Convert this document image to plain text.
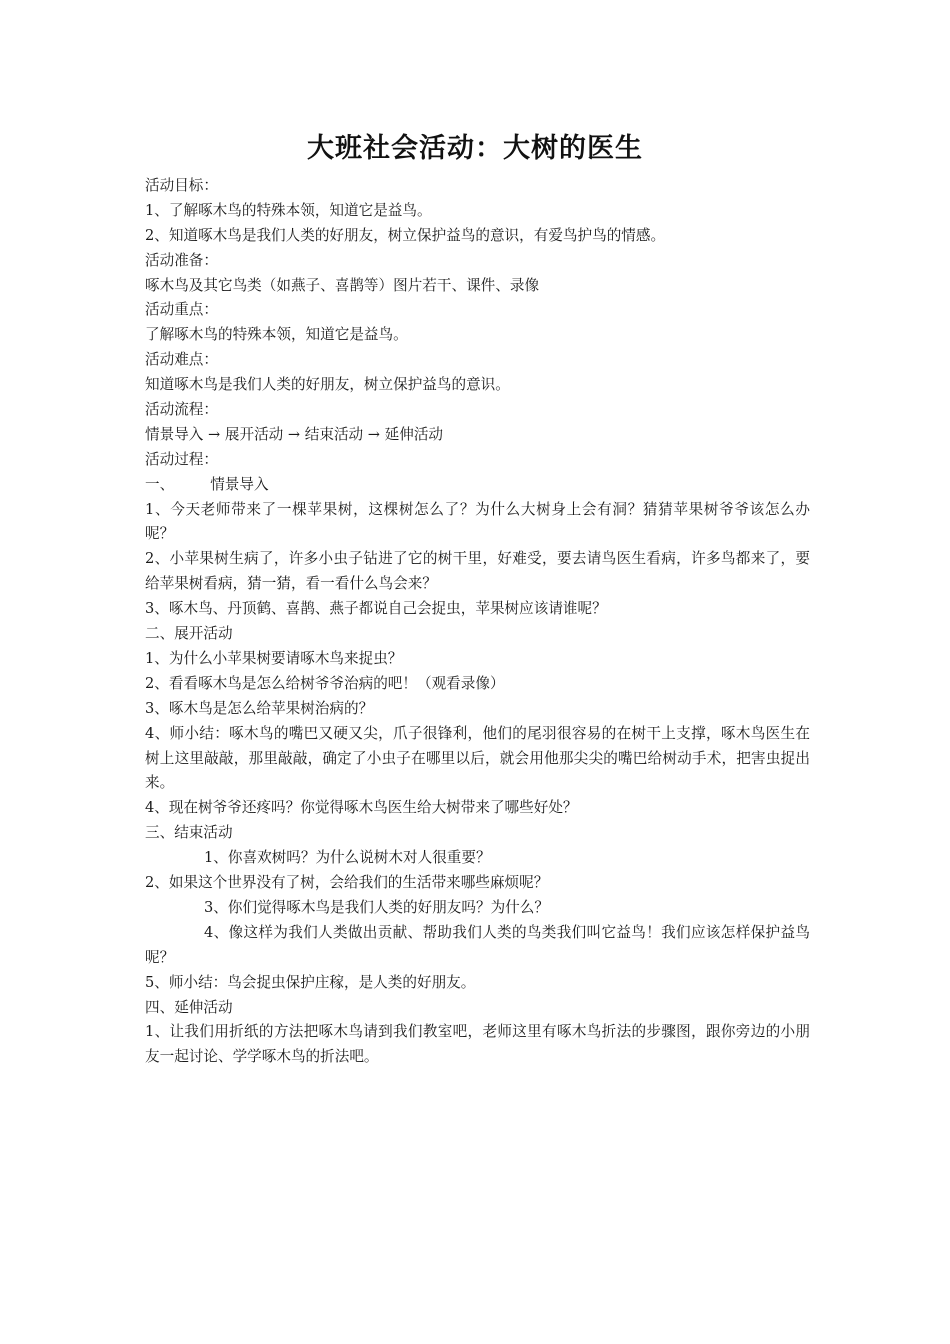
大班社会活动：大树的医生
活动目标：
1、了解啄木鸟的特殊本领，知道它是益鸟。
2、知道啄木鸟是我们人类的好朋友，树立保护益鸟的意识，有爱鸟护鸟的情感。
活动准备：
啄木鸟及其它鸟类（如燕子、喜鹊等）图片若干、课件、录像
活动重点：
了解啄木鸟的特殊本领，知道它是益鸟。
活动难点：
知道啄木鸟是我们人类的好朋友，树立保护益鸟的意识。
活动流程：
情景导入 → 展开活动 → 结束活动 → 延伸活动
活动过程：
一、 情景导入
1、今天老师带来了一棵苹果树，这棵树怎么了？为什么大树身上会有洞？猜猜苹果树爷爷该怎么办呢？
2、小苹果树生病了，许多小虫子钻进了它的树干里，好难受，要去请鸟医生看病，许多鸟都来了，要给苹果树看病，猜一猜，看一看什么鸟会来？
3、啄木鸟、丹顶鹤、喜鹊、燕子都说自己会捉虫，苹果树应该请谁呢？
二、展开活动
1、为什么小苹果树要请啄木鸟来捉虫？
2、看看啄木鸟是怎么给树爷爷治病的吧！（观看录像）
3、啄木鸟是怎么给苹果树治病的？
4、师小结：啄木鸟的嘴巴又硬又尖，爪子很锋利，他们的尾羽很容易的在树干上支撑，啄木鸟医生在树上这里敲敲，那里敲敲，确定了小虫子在哪里以后，就会用他那尖尖的嘴巴给树动手术，把害虫捉出来。
4、现在树爷爷还疼吗？你觉得啄木鸟医生给大树带来了哪些好处？
三、结束活动
1、你喜欢树吗？为什么说树木对人很重要？
2、如果这个世界没有了树，会给我们的生活带来哪些麻烦呢？
3、你们觉得啄木鸟是我们人类的好朋友吗？为什么？
4、像这样为我们人类做出贡献、帮助我们人类的鸟类我们叫它益鸟！我们应该怎样保护益鸟呢？
5、师小结：鸟会捉虫保护庄稼，是人类的好朋友。
四、延伸活动
1、让我们用折纸的方法把啄木鸟请到我们教室吧，老师这里有啄木鸟折法的步骤图，跟你旁边的小朋友一起讨论、学学啄木鸟的折法吧。
